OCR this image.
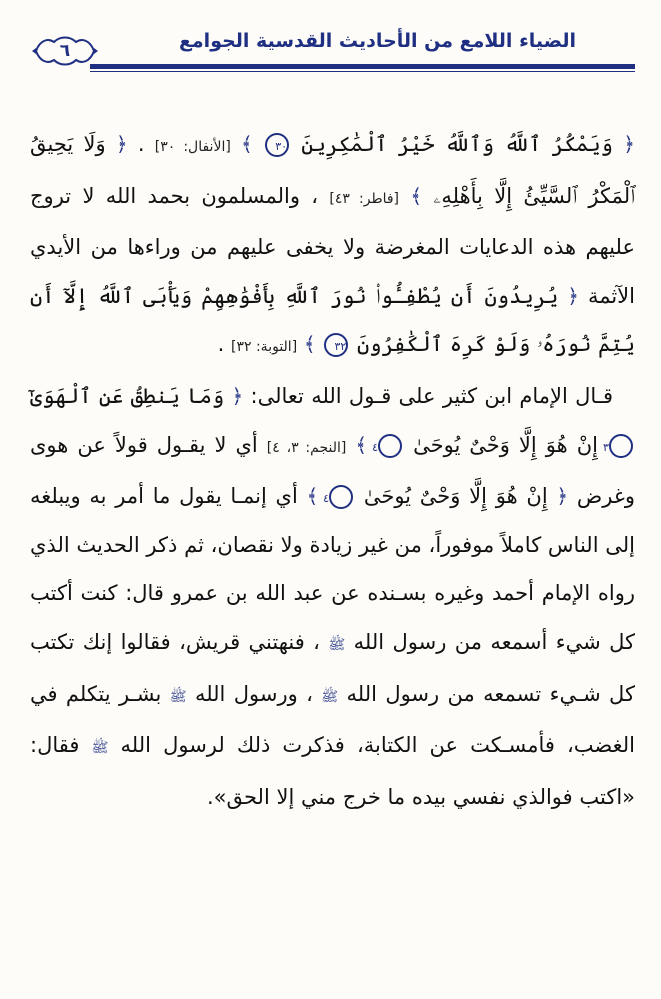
الضياء اللامع من الأحاديث القدسية الجوامع
٦

﴿ وَيَمْكُرُ ٱللَّهُ وَٱللَّهُ خَيْرُ ٱلْمَٰكِرِينَ ٣٠ ﴾ [الأنفال: ٣٠] . ﴿ وَلَا يَحِيقُ ٱلْمَكْرُ ٱلسَّيِّئُ إِلَّا بِأَهْلِهِۦ ﴾ [فاطر: ٤٣] ، والمسلمون بحمد الله لا تروج عليهم هذه الدعايات المغرضة ولا يخفى عليهم من وراءها من الأيدي الآثمة ﴿ يُرِيدُونَ أَن يُطْفِـُٔوا۟ نُورَ ٱللَّهِ بِأَفْوَٰهِهِمْ وَيَأْبَى ٱللَّهُ إِلَّآ أَن يُتِمَّ نُورَهُۥ وَلَوْ كَرِهَ ٱلْكَٰفِرُونَ ٣٢ ﴾ [التوبة: ٣٢] .

قـال الإمام ابن كثير على قـول الله تعالى: ﴿ وَمَا يَنطِقُ عَنِ ٱلْهَوَىٰٓ ٣ إِنْ هُوَ إِلَّا وَحْىٌ يُوحَىٰ ٤ ﴾ [النجم: ٣، ٤] أي لا يقـول قولاً عن هوى وغرض ﴿ إِنْ هُوَ إِلَّا وَحْىٌ يُوحَىٰ ٤ ﴾ أي إنمـا يقول ما أمر به ويبلغه إلى الناس كاملاً موفوراً، من غير زيادة ولا نقصان، ثم ذكر الحديث الذي رواه الإمام أحمد وغيره بسـنده عن عبد الله بن عمرو قال: كنت أكتب كل شيء أسمعه من رسول الله ﷺ ، فنهتني قريش، فقالوا إنك تكتب كل شـيء تسمعه من رسول الله ﷺ ، ورسول الله ﷺ بشـر يتكلم في الغضب، فأمسـكت عن الكتابة، فذكرت ذلك لرسول الله ﷺ فقال: «اكتب فوالذي نفسي بيده ما خرج مني إلا الحق».
